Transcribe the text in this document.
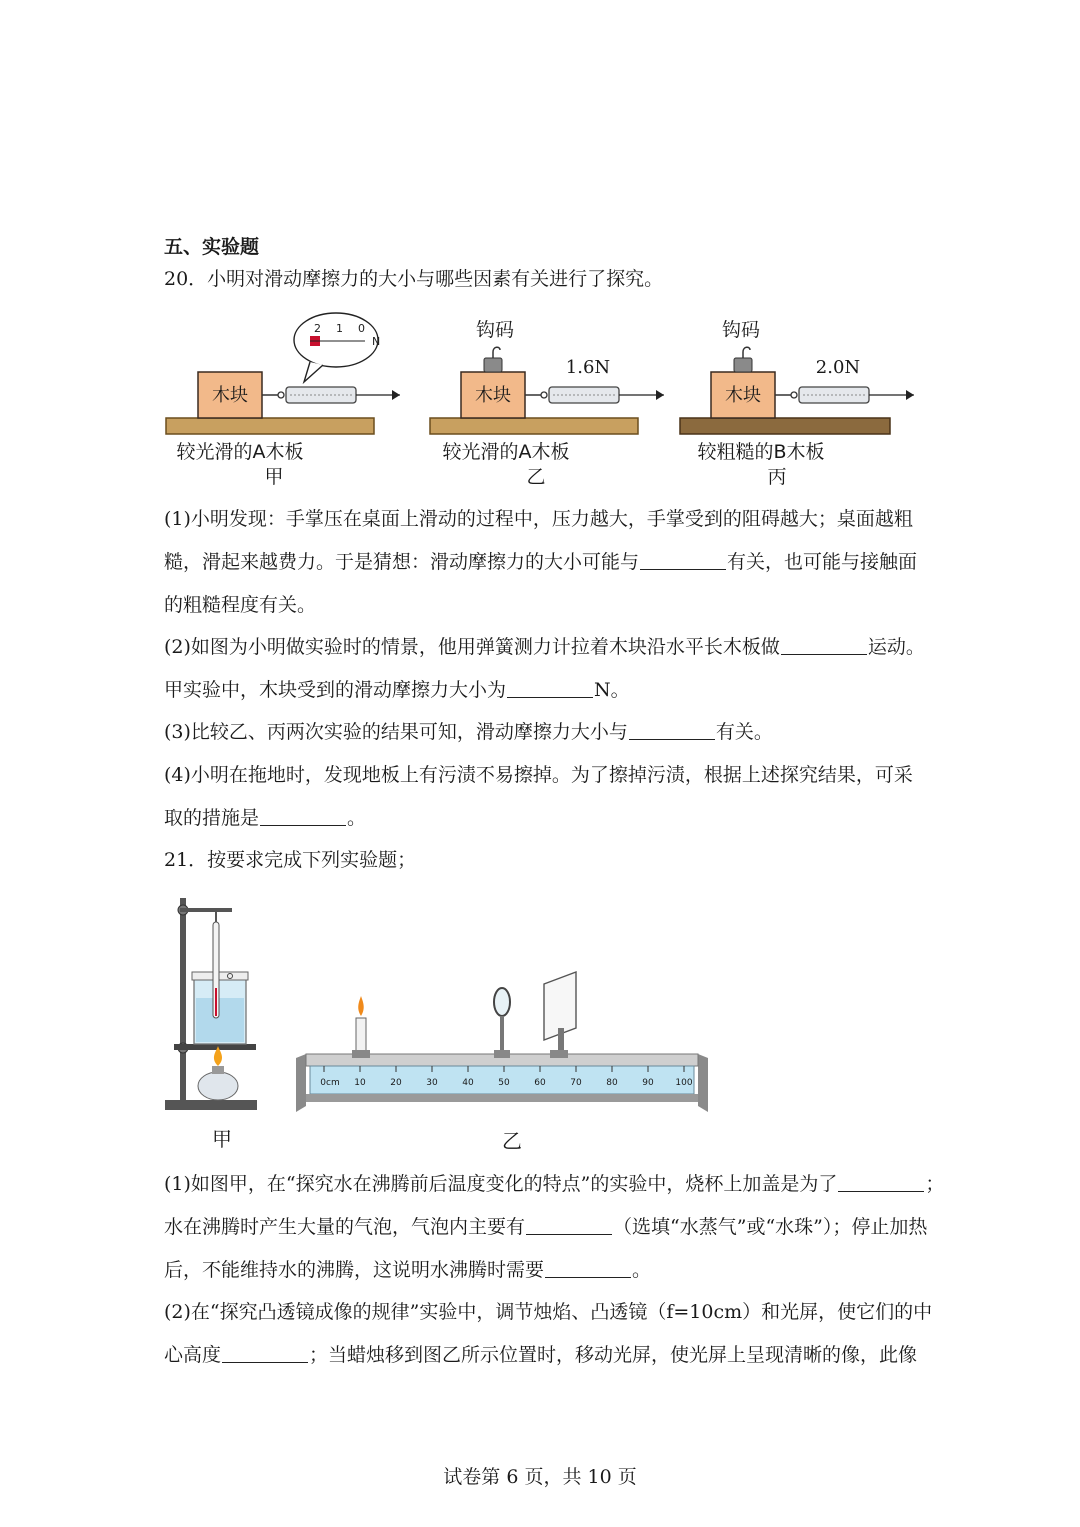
五、实验题
20．小明对滑动摩擦力的大小与哪些因素有关进行了探究。
木块
N
0
1
2
较光滑的A木板
甲
木块
钩码
1.6N
较光滑的A木板
乙
木块
钩码
2.0N
较粗糙的B木板
丙
(1)小明发现：手掌压在桌面上滑动的过程中，压力越大，手掌受到的阻碍越大；桌面越粗
糙，滑起来越费力。于是猜想：滑动摩擦力的大小可能与	有关，也可能与接触面
的粗糙程度有关。
(2)如图为小明做实验时的情景，他用弹簧测力计拉着木块沿水平长木板做	运动。
甲实验中，木块受到的滑动摩擦力大小为	N。
(3)比较乙、丙两次实验的结果可知，滑动摩擦力大小与	有关。
(4)小明在拖地时，发现地板上有污渍不易擦掉。为了擦掉污渍，根据上述探究结果，可采
取的措施是	。
21．按要求完成下列实验题；
甲
0cm 10	20	30	40	50	60	70	80	90 100
乙
(1)如图甲，在“探究水在沸腾前后温度变化的特点”的实验中，烧杯上加盖是为了	；
水在沸腾时产生大量的气泡，气泡内主要有	（选填“水蒸气”或“水珠”）；停止加热
后，不能维持水的沸腾，这说明水沸腾时需要	。
(2)在“探究凸透镜成像的规律”实验中，调节烛焰、凸透镜（f=10cm）和光屏，使它们的中
心高度	；当蜡烛移到图乙所示位置时，移动光屏，使光屏上呈现清晰的像，此像
试卷第 6 页，共 10 页
